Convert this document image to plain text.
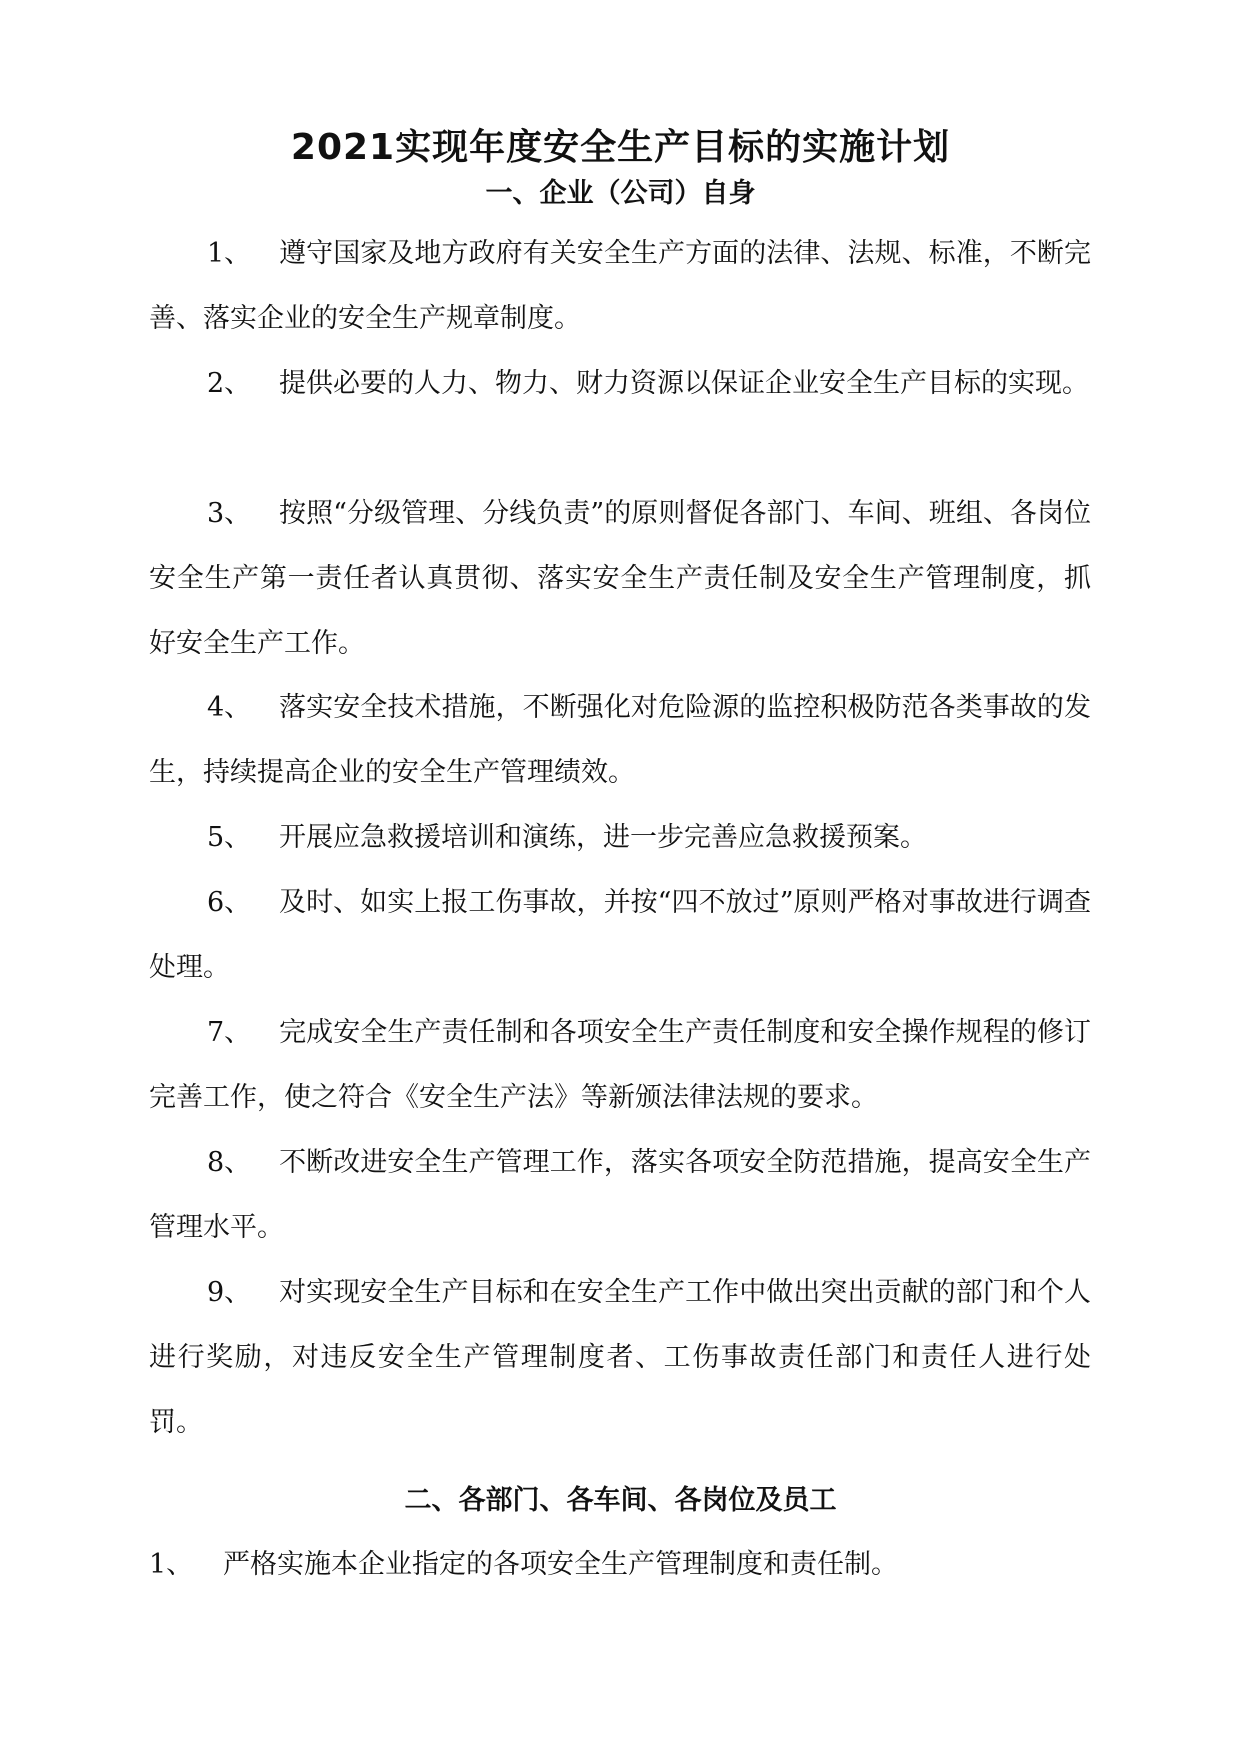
2021实现年度安全生产目标的实施计划
一、企业（公司）自身

1、 遵守国家及地方政府有关安全生产方面的法律、法规、标准，不断完善、落实企业的安全生产规章制度。

2、 提供必要的人力、物力、财力资源以保证企业安全生产目标的实现。

3、 按照“分级管理、分线负责”的原则督促各部门、车间、班组、各岗位安全生产第一责任者认真贯彻、落实安全生产责任制及安全生产管理制度，抓好安全生产工作。

4、 落实安全技术措施，不断强化对危险源的监控积极防范各类事故的发生，持续提高企业的安全生产管理绩效。

5、 开展应急救援培训和演练，进一步完善应急救援预案。

6、 及时、如实上报工伤事故，并按“四不放过”原则严格对事故进行调查处理。

7、 完成安全生产责任制和各项安全生产责任制度和安全操作规程的修订完善工作，使之符合《安全生产法》等新颁法律法规的要求。

8、 不断改进安全生产管理工作，落实各项安全防范措施，提高安全生产管理水平。

9、 对实现安全生产目标和在安全生产工作中做出突出贡献的部门和个人进行奖励，对违反安全生产管理制度者、工伤事故责任部门和责任人进行处罚。

二、各部门、各车间、各岗位及员工

1、 严格实施本企业指定的各项安全生产管理制度和责任制。
